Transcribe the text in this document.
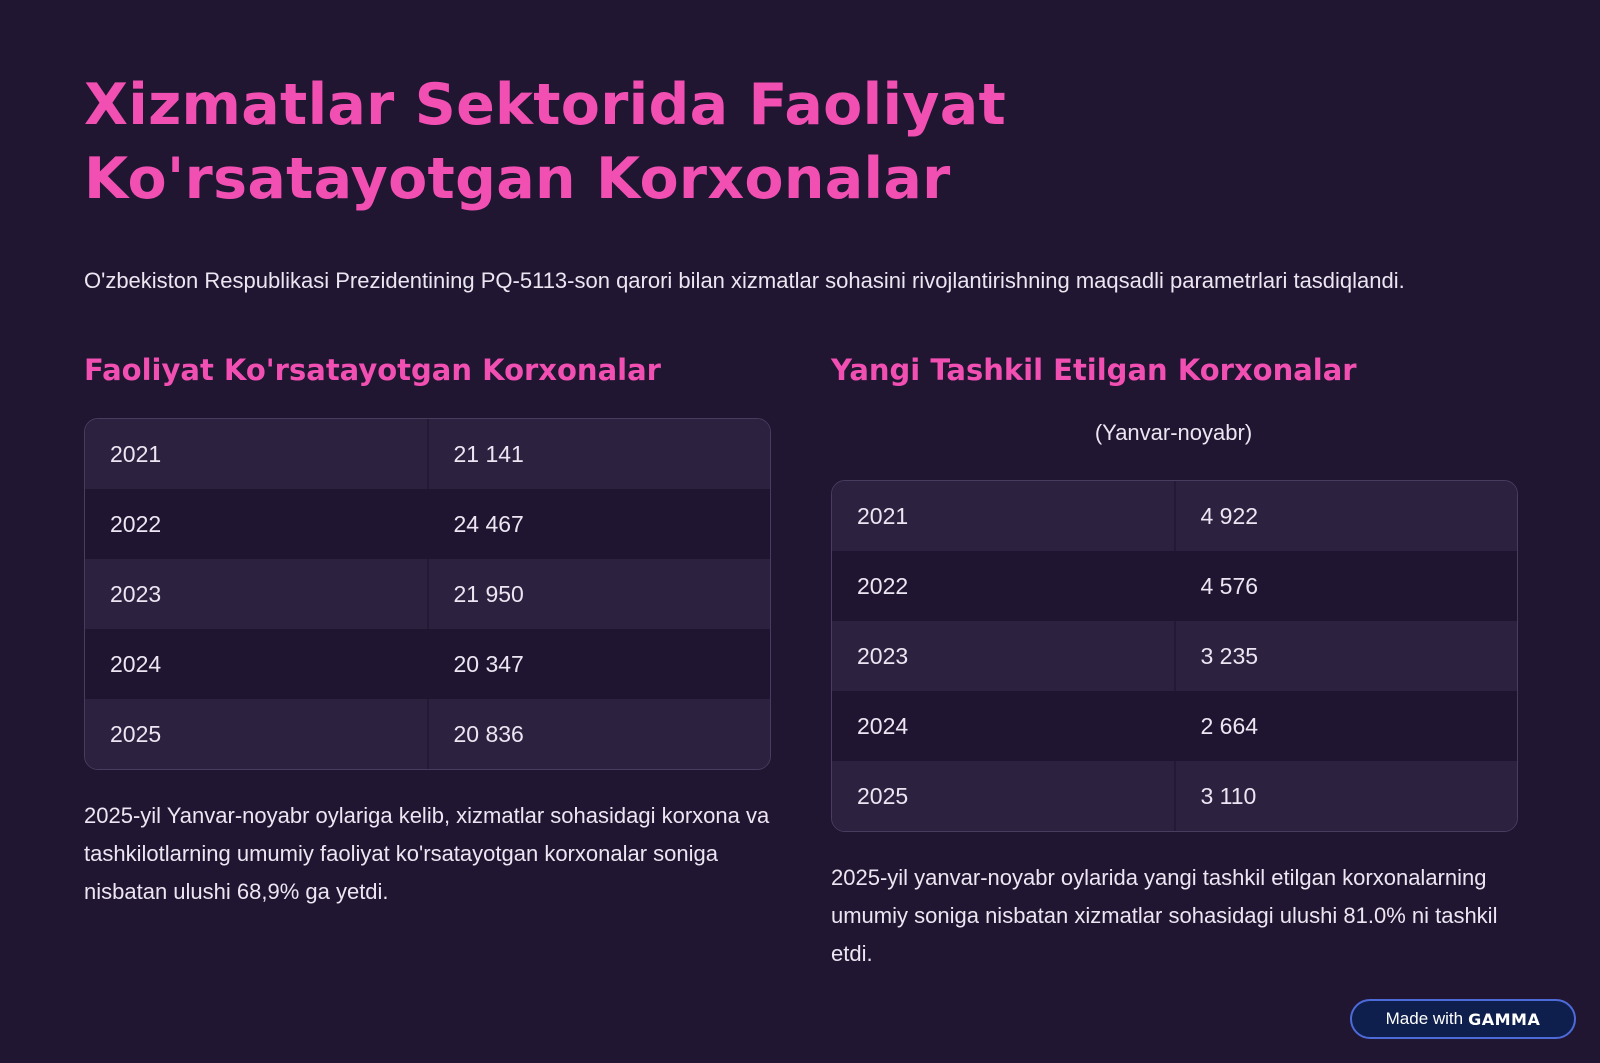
Xizmatlar Sektorida Faoliyat
Ko'rsatayotgan Korxonalar
O'zbekiston Respublikasi Prezidentining PQ-5113-son qarori bilan xizmatlar sohasini rivojlantirishning maqsadli parametrlari tasdiqlandi.
Faoliyat Ko'rsatayotgan Korxonalar
2021	21 141
2022	24 467
2023	21 950
2024	20 347
2025	20 836
2025-yil Yanvar-noyabr oylariga kelib, xizmatlar sohasidagi korxona va tashkilotlarning umumiy faoliyat ko'rsatayotgan korxonalar soniga nisbatan ulushi 68,9% ga yetdi.
Yangi Tashkil Etilgan Korxonalar
(Yanvar-noyabr)
2021	4 922
2022	4 576
2023	3 235
2024	2 664
2025	3 110
2025-yil yanvar-noyabr oylarida yangi tashkil etilgan korxonalarning umumiy soniga nisbatan xizmatlar sohasidagi ulushi 81.0% ni tashkil etdi.
Made with GAMMA
